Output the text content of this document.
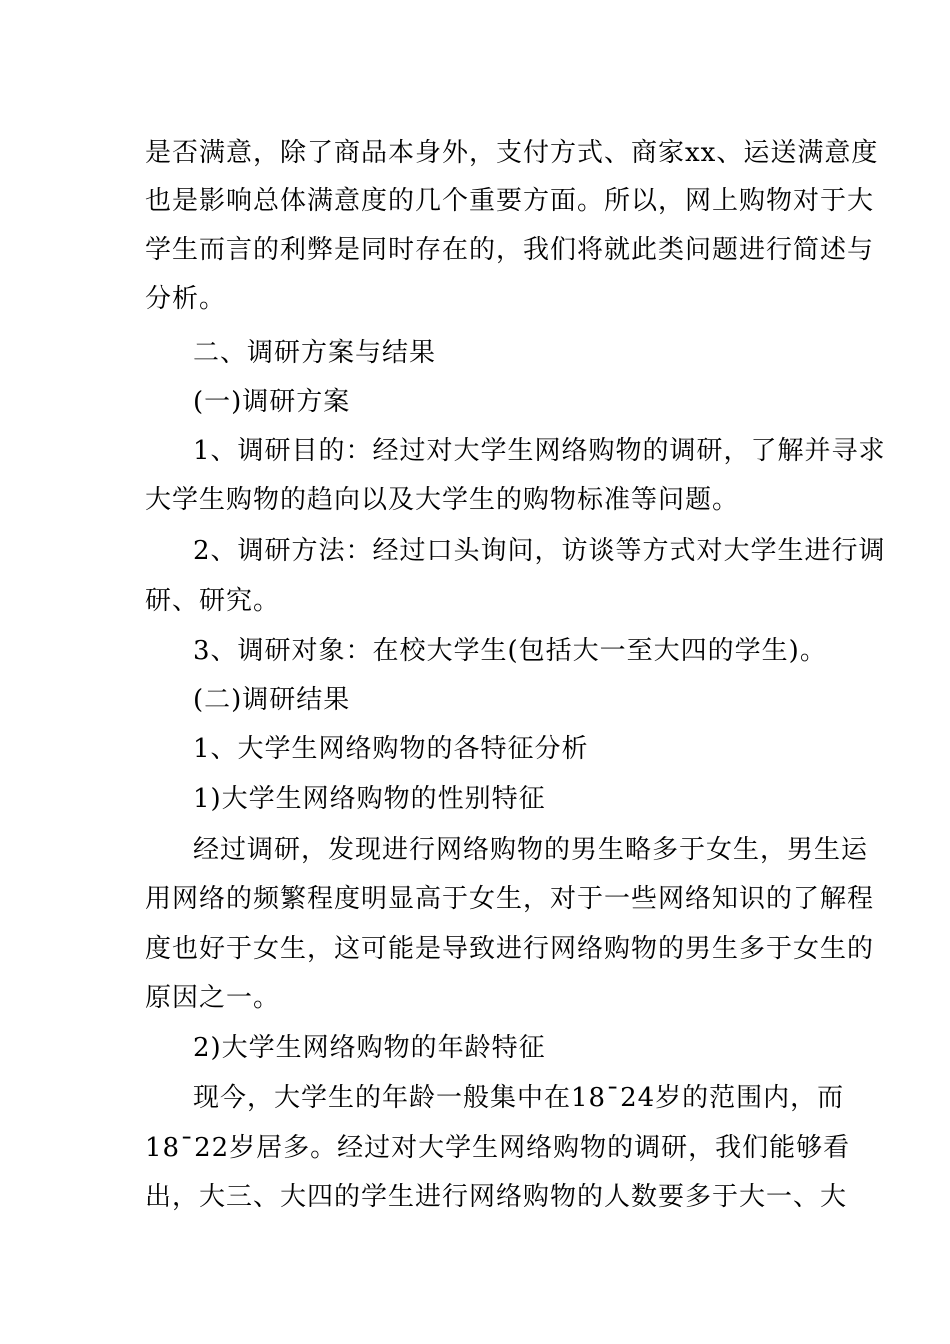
是否满意，除了商品本身外，支付方式、商家xx、运送满意度
也是影响总体满意度的几个重要方面。所以，网上购物对于大
学生而言的利弊是同时存在的，我们将就此类问题进行简述与
分析。
二、调研方案与结果
(一)调研方案
1、调研目的：经过对大学生网络购物的调研，了解并寻求
大学生购物的趋向以及大学生的购物标准等问题。
2、调研方法：经过口头询问，访谈等方式对大学生进行调
研、研究。
3、调研对象：在校大学生(包括大一至大四的学生)。
(二)调研结果
1、大学生网络购物的各特征分析
1)大学生网络购物的性别特征
经过调研，发现进行网络购物的男生略多于女生，男生运
用网络的频繁程度明显高于女生，对于一些网络知识的了解程
度也好于女生，这可能是导致进行网络购物的男生多于女生的
原因之一。
2)大学生网络购物的年龄特征
现今，大学生的年龄一般集中在18¯24岁的范围内，而
18¯22岁居多。经过对大学生网络购物的调研，我们能够看
出，大三、大四的学生进行网络购物的人数要多于大一、大
